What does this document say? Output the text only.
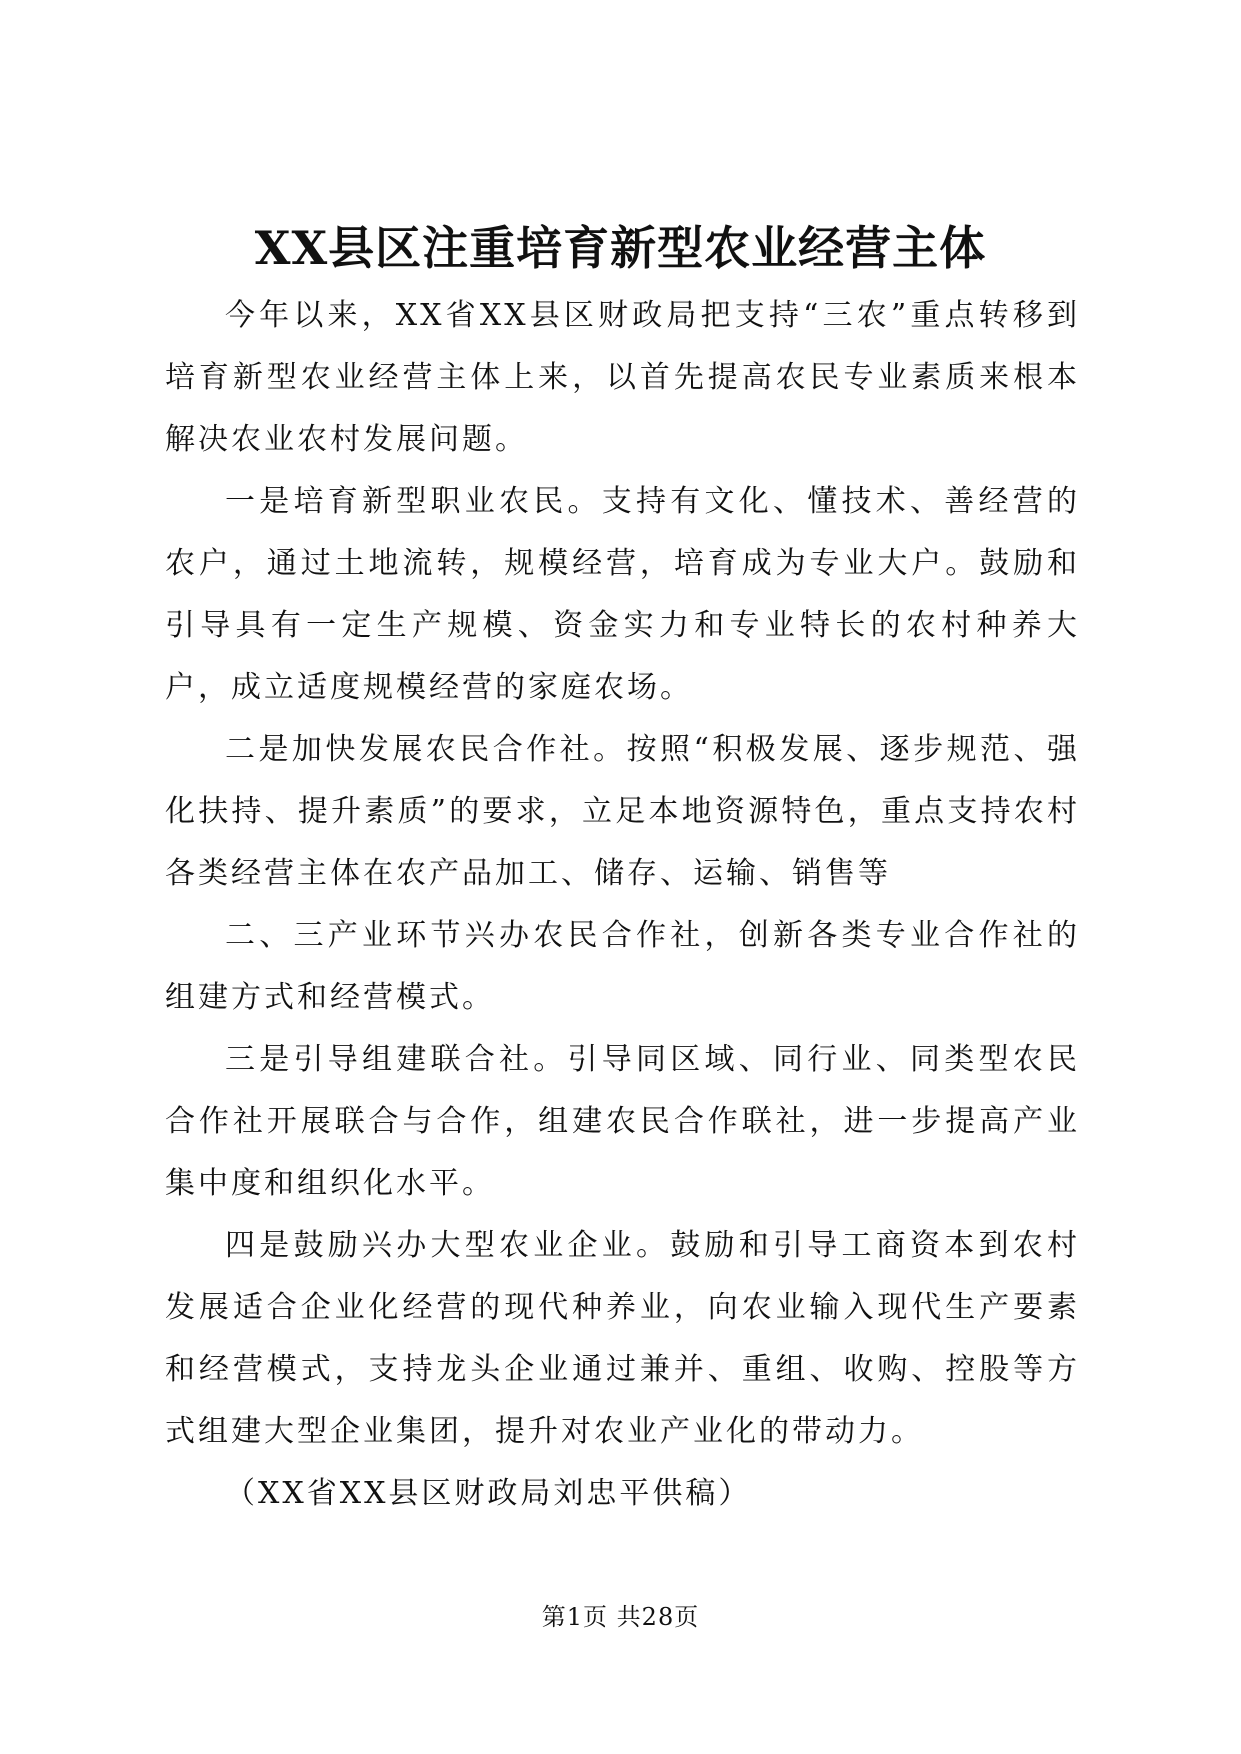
XX县区注重培育新型农业经营主体

今年以来，XX省XX县区财政局把支持“三农”重点转移到培育新型农业经营主体上来，以首先提高农民专业素质来根本解决农业农村发展问题。

一是培育新型职业农民。支持有文化、懂技术、善经营的农户，通过土地流转，规模经营，培育成为专业大户。鼓励和引导具有一定生产规模、资金实力和专业特长的农村种养大户，成立适度规模经营的家庭农场。

二是加快发展农民合作社。按照“积极发展、逐步规范、强化扶持、提升素质”的要求，立足本地资源特色，重点支持农村各类经营主体在农产品加工、储存、运输、销售等

二、三产业环节兴办农民合作社，创新各类专业合作社的组建方式和经营模式。

三是引导组建联合社。引导同区域、同行业、同类型农民合作社开展联合与合作，组建农民合作联社，进一步提高产业集中度和组织化水平。

四是鼓励兴办大型农业企业。鼓励和引导工商资本到农村发展适合企业化经营的现代种养业，向农业输入现代生产要素和经营模式，支持龙头企业通过兼并、重组、收购、控股等方式组建大型企业集团，提升对农业产业化的带动力。

（XX省XX县区财政局刘忠平供稿）

第1页 共28页
